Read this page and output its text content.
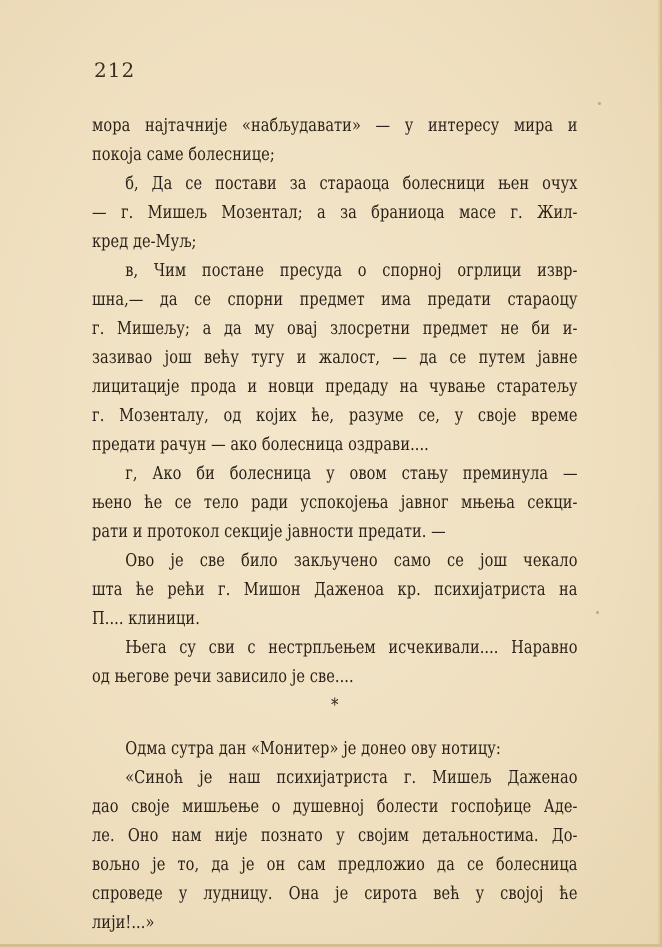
212

мора најтачније «набљудавати» — у интересу мира и
покоја саме болеснице;

б, Да се постави за стараоца болесници њен очух
— г. Мишељ Мозентал; а за браниоца масе г. Жил-
кред де-Муљ;

в, Чим постане пресуда о спорној огрлици извр-
шна,— да се спорни предмет има предати стараоцу
г. Мишељу; а да му овај злосретни предмет не би и-
зазивао још већу тугу и жалост, — да се путем јавне
лицитације прода и новци предаду на чување старатељу
г. Мозенталу, од којих ће, разуме се, у своје време
предати рачун — ако болесница оздрави....

г, Ако би болесница у овом стању преминула —
њено ће се тело ради успокојења јавног мњења секци-
рати и протокол секције јавности предати. —

Ово је све било закључено само се још чекало
шта ће рећи г. Мишон Даженоа кр. психијатриста на
П.... клиници.

Њега су сви с нестрпљењем исчекивали.... Наравно
од његове речи зависило је све....

*

Одма сутра дан «Монитер» је донео ову нотицу:

«Синоћ је наш психијатриста г. Мишељ Даженао
дао своје мишљење о душевној болести госпођице Аде-
ле. Оно нам није познато у својим детаљностима. До-
вољно је то, да је он сам предложио да се болесница
спроведе у лудницу. Она је сирота већ у својој ће
лији!...»
